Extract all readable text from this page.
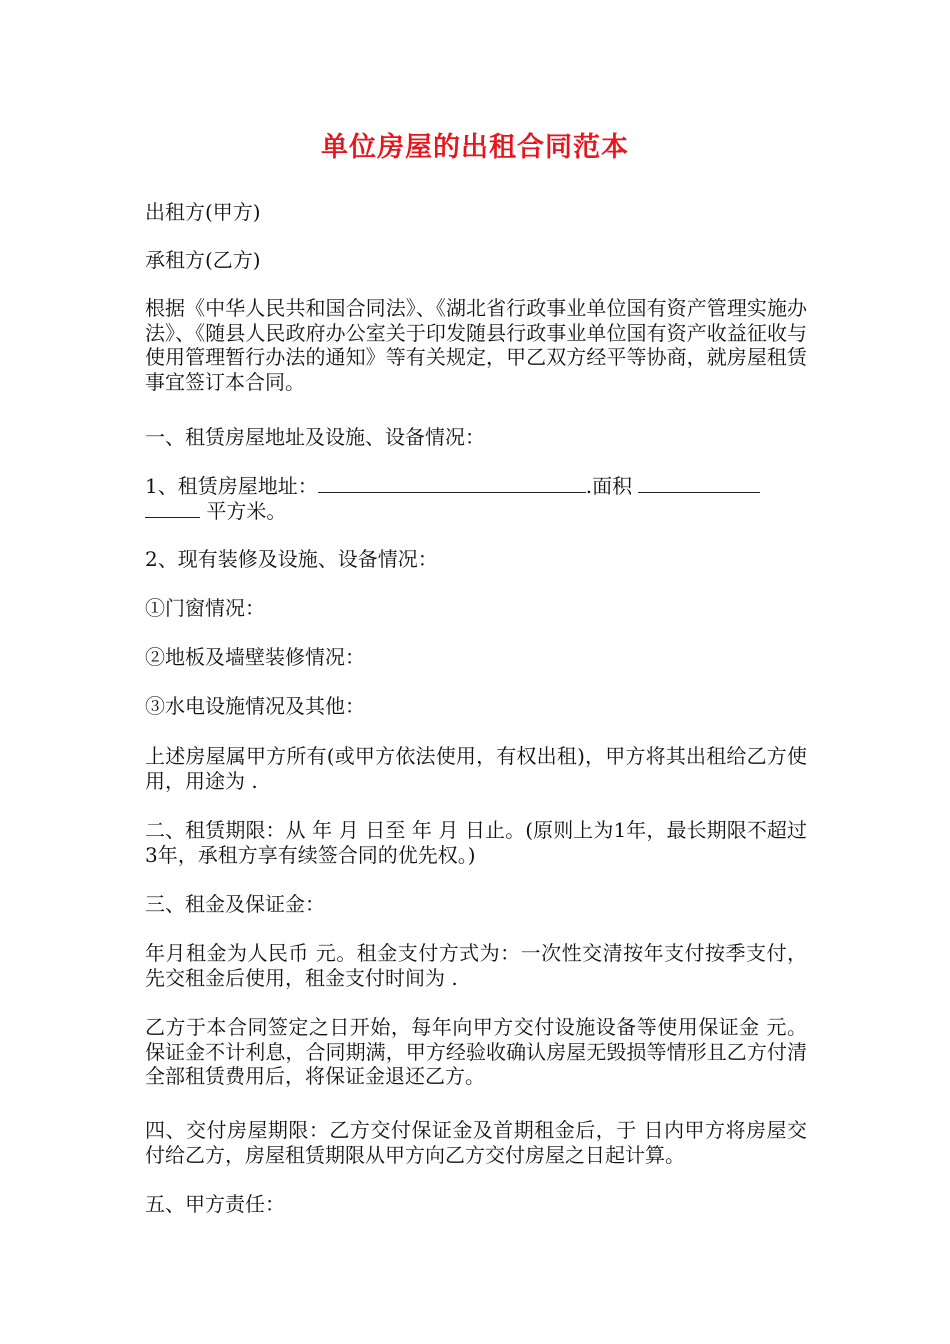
单位房屋的出租合同范本

出租方(甲方)

承租方(乙方)

根据《中华人民共和国合同法》、《湖北省行政事业单位国有资产管理实施办法》、《随县人民政府办公室关于印发随县行政事业单位国有资产收益征收与使用管理暂行办法的通知》等有关规定，甲乙双方经平等协商，就房屋租赁事宜签订本合同。

一、租赁房屋地址及设施、设备情况：

1、租赁房屋地址：	.面积
平方米。

2、现有装修及设施、设备情况：

①门窗情况：

②地板及墙壁装修情况：

③水电设施情况及其他：

上述房屋属甲方所有(或甲方依法使用，有权出租)，甲方将其出租给乙方使用，用途为 .

二、租赁期限：从 年 月 日至 年 月 日止。(原则上为1年，最长期限不超过3年，承租方享有续签合同的优先权。)

三、租金及保证金：

年月租金为人民币 元。租金支付方式为：一次性交清按年支付按季支付，先交租金后使用，租金支付时间为 .

乙方于本合同签定之日开始，每年向甲方交付设施设备等使用保证金 元。保证金不计利息，合同期满，甲方经验收确认房屋无毁损等情形且乙方付清全部租赁费用后，将保证金退还乙方。

四、交付房屋期限：乙方交付保证金及首期租金后，于 日内甲方将房屋交付给乙方，房屋租赁期限从甲方向乙方交付房屋之日起计算。

五、甲方责任：
